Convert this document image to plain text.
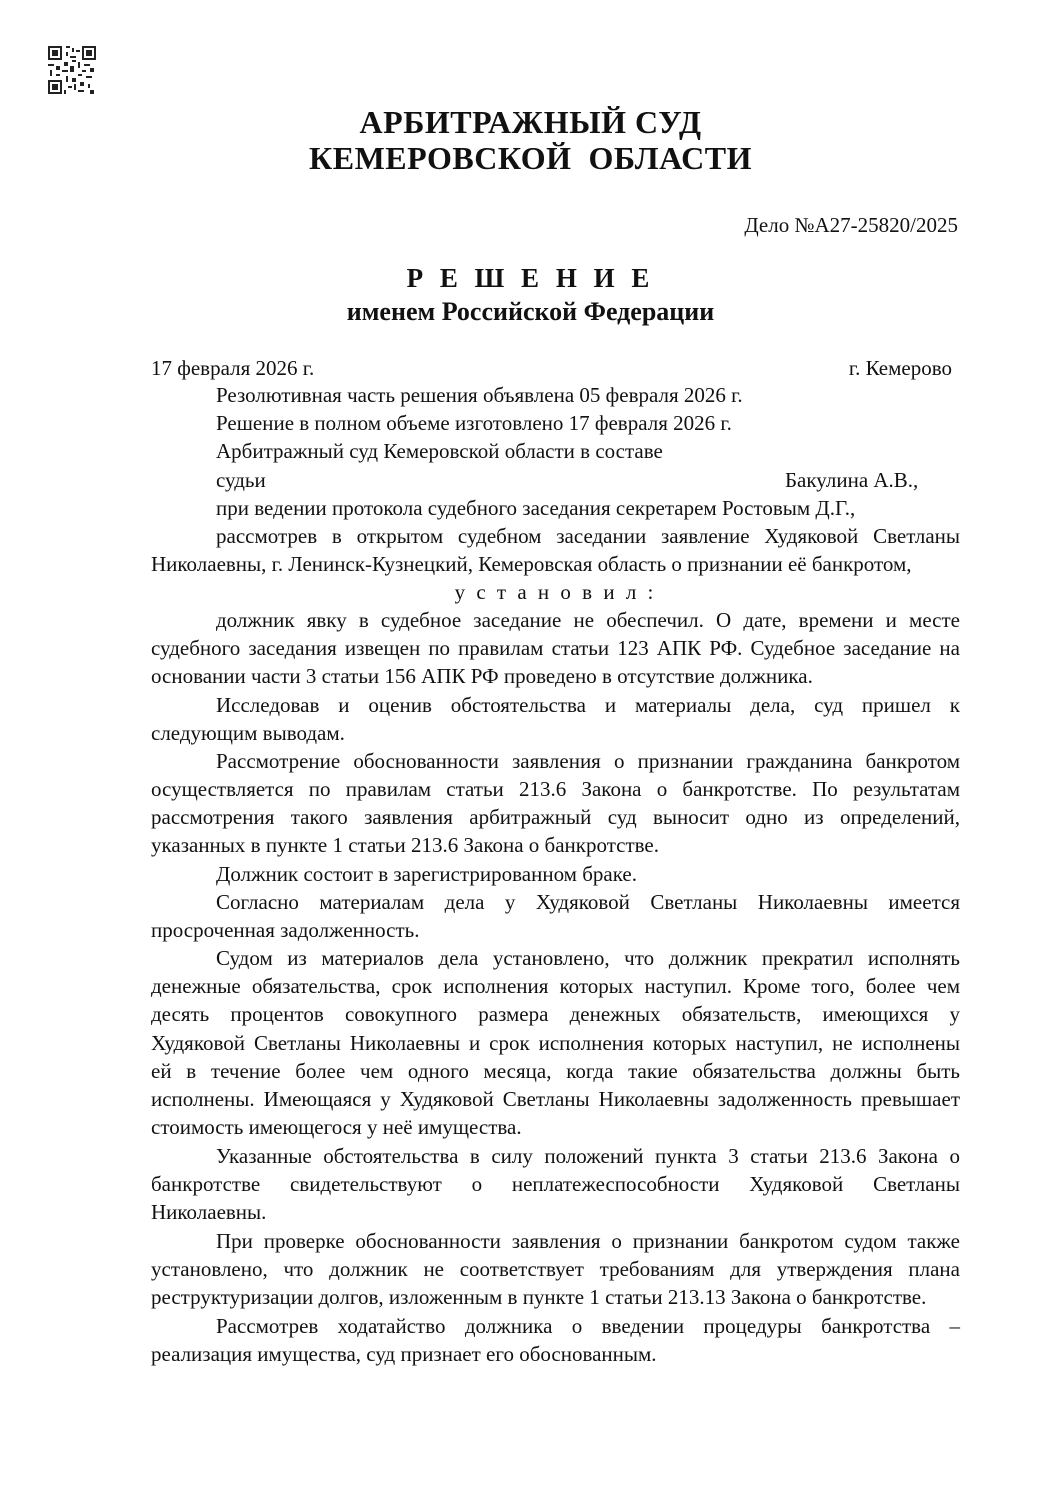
АРБИТРАЖНЫЙ СУД
КЕМЕРОВСКОЙ  ОБЛАСТИ
Дело №А27-25820/2025
Р Е Ш Е Н И Е
именем Российской Федерации
17 февраля 2026 г.	г. Кемерово
Резолютивная часть решения объявлена 05 февраля 2026 г.
Решение в полном объеме изготовлено 17 февраля 2026 г.
Арбитражный суд Кемеровской области в составе
судьи	Бакулина А.В.,
при ведении протокола судебного заседания секретарем Ростовым Д.Г.,
рассмотрев в открытом судебном заседании заявление Худяковой Светланы
Николаевны, г. Ленинск-Кузнецкий, Кемеровская область о признании её банкротом,
у с т а н о в и л :
должник явку в судебное заседание не обеспечил. О дате, времени и месте
судебного заседания извещен по правилам статьи 123 АПК РФ. Судебное заседание на
основании части 3 статьи 156 АПК РФ проведено в отсутствие должника.
Исследовав и оценив обстоятельства и материалы дела, суд пришел к
следующим выводам.
Рассмотрение обоснованности заявления о признании гражданина банкротом
осуществляется по правилам статьи 213.6 Закона о банкротстве. По результатам
рассмотрения такого заявления арбитражный суд выносит одно из определений,
указанных в пункте 1 статьи 213.6 Закона о банкротстве.
Должник состоит в зарегистрированном браке.
Согласно материалам дела у Худяковой Светланы Николаевны имеется
просроченная задолженность.
Судом из материалов дела установлено, что должник прекратил исполнять
денежные обязательства, срок исполнения которых наступил. Кроме того, более чем
десять процентов совокупного размера денежных обязательств, имеющихся у
Худяковой Светланы Николаевны и срок исполнения которых наступил, не исполнены
ей в течение более чем одного месяца, когда такие обязательства должны быть
исполнены. Имеющаяся у Худяковой Светланы Николаевны задолженность превышает
стоимость имеющегося у неё имущества.
Указанные обстоятельства в силу положений пункта 3 статьи 213.6 Закона о
банкротстве свидетельствуют о неплатежеспособности Худяковой Светланы
Николаевны.
При проверке обоснованности заявления о признании банкротом судом также
установлено, что должник не соответствует требованиям для утверждения плана
реструктуризации долгов, изложенным в пункте 1 статьи 213.13 Закона о банкротстве.
Рассмотрев ходатайство должника о введении процедуры банкротства –
реализация имущества, суд признает его обоснованным.
